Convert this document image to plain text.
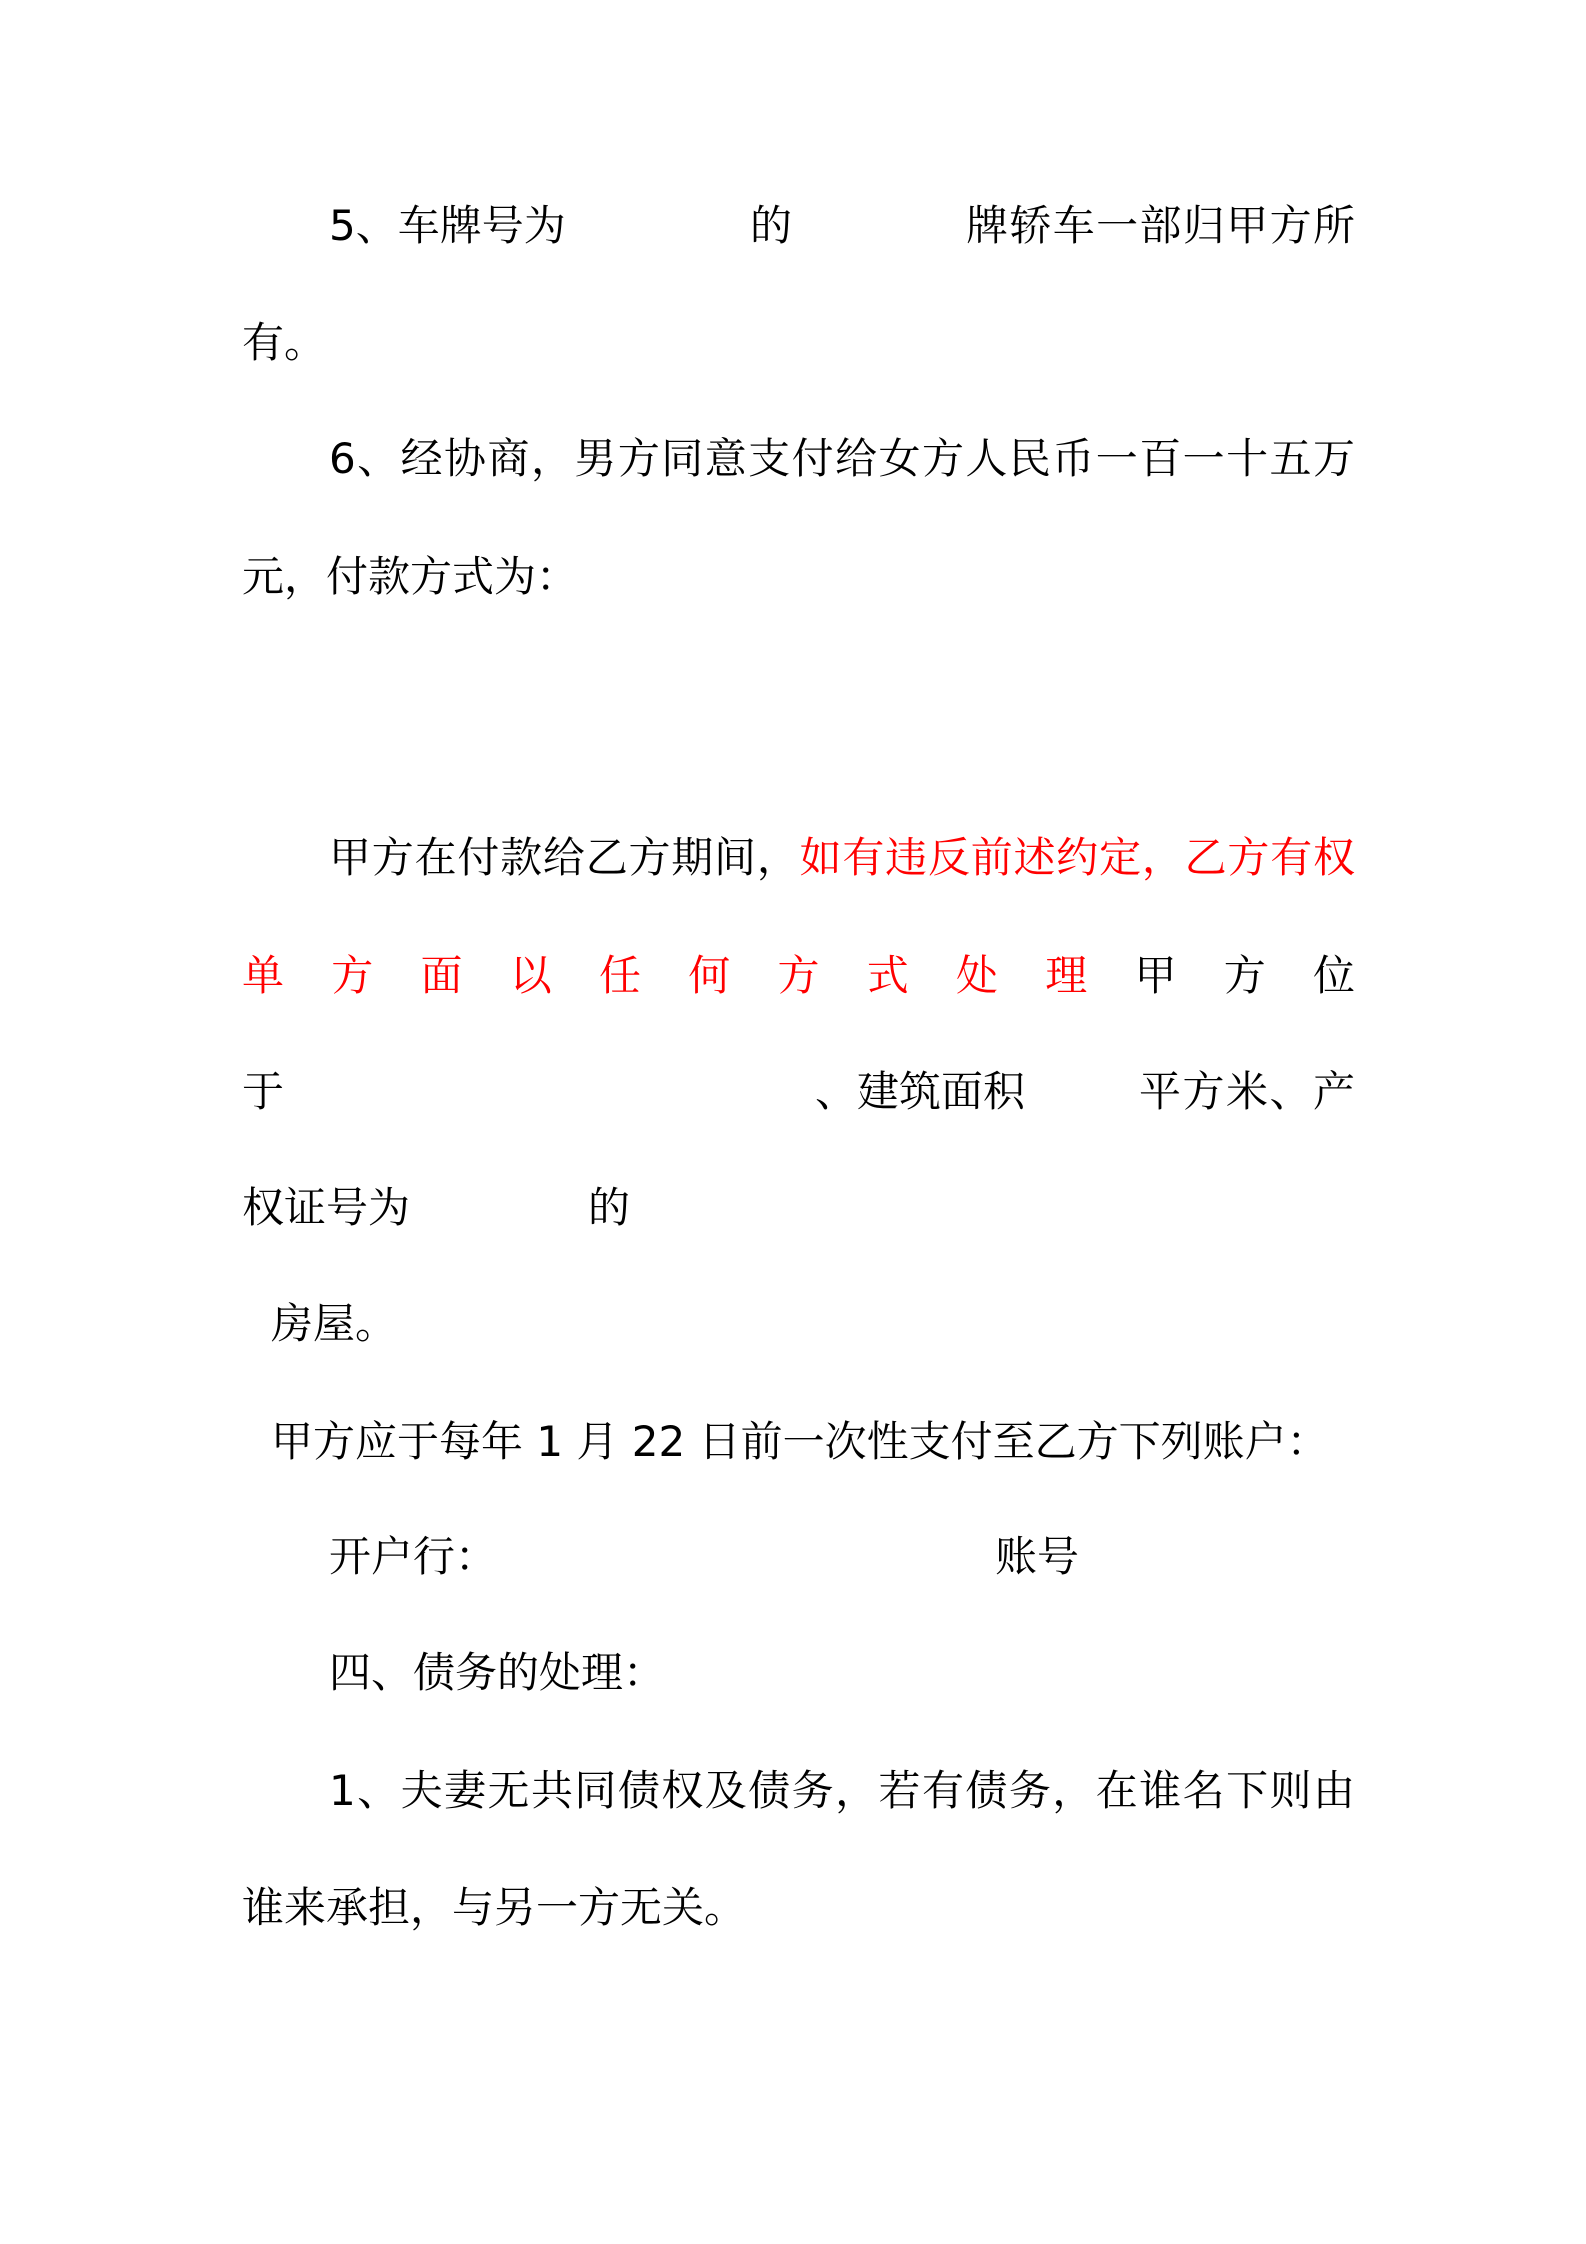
5、车牌号为	的	牌轿车一部归甲方所
有。
6、经协商，男方同意支付给女方人民币一百一十五万
元，付款方式为：
甲方在付款给乙方期间，如有违反前述约定，乙方有权
单方面以任何方式处理甲方位
于	、建筑面积	平方米、产
权证号为	的
房屋。
甲方应于每年 1 月 22 日前一次性支付至乙方下列账户：
开户行：	账号
四、债务的处理：
1、夫妻无共同债权及债务，若有债务，在谁名下则由
谁来承担，与另一方无关。
